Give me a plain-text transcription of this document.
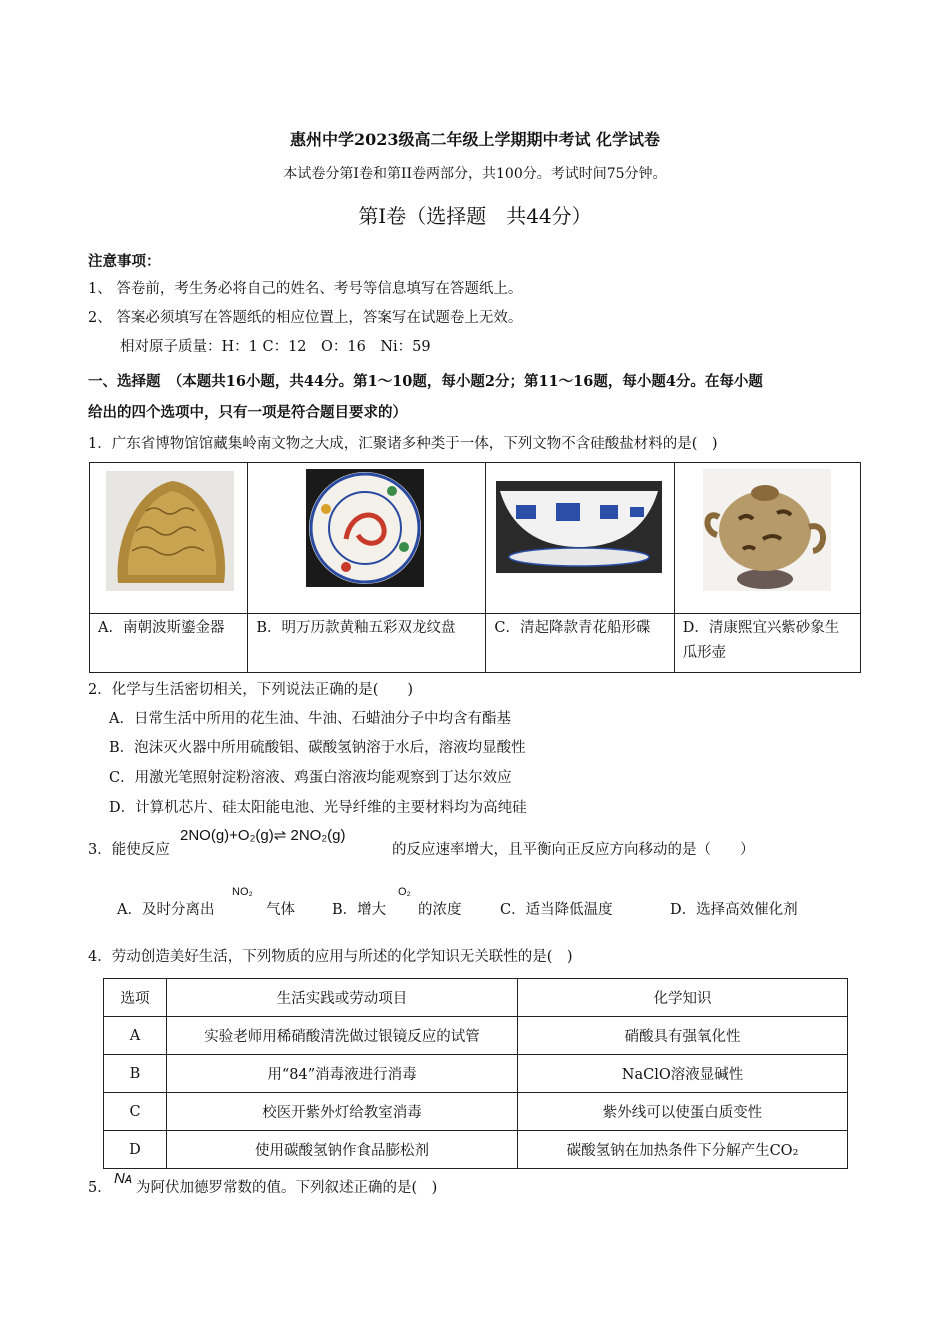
惠州中学2023级高二年级上学期期中考试 化学试卷
本试卷分第I卷和第II卷两部分，共100分。考试时间75分钟。
第I卷（选择题　共44分）
注意事项：
1、 答卷前，考生务必将自己的姓名、考号等信息填写在答题纸上。
2、 答案必须填写在答题纸的相应位置上，答案写在试题卷上无效。
相对原子质量：H：1 C：12　O：16　Ni：59
一、选择题　（本题共16小题，共44分。第1～10题，每小题2分；第11～16题，每小题4分。在每小题
给出的四个选项中，只有一项是符合题目要求的）
1．广东省博物馆馆藏集岭南文物之大成，汇聚诸多种类于一体，下列文物不含硅酸盐材料的是(　)

A．南朝波斯鎏金器	B．明万历款黄釉五彩双龙纹盘	C．清起降款青花船形碟	D．清康熙宜兴紫砂象生瓜形壶
2．化学与生活密切相关，下列说法正确的是(　　)
A．日常生活中所用的花生油、牛油、石蜡油分子中均含有酯基
B．泡沫灭火器中所用硫酸铝、碳酸氢钠溶于水后，溶液均显酸性
C．用激光笔照射淀粉溶液、鸡蛋白溶液均能观察到丁达尔效应
D．计算机芯片、硅太阳能电池、光导纤维的主要材料均为高纯硅
3．能使反应
2NO(g)+O₂(g)⇌ 2NO₂(g)
的反应速率增大，且平衡向正反应方向移动的是（　　）
A．及时分离出
NO₂
气体	B．增大
O₂
的浓度	C．适当降低温度	D．选择高效催化剂
4．劳动创造美好生活，下列物质的应用与所述的化学知识无关联性的是(　)
选项	生活实践或劳动项目	化学知识
A	实验老师用稀硝酸清洗做过银镜反应的试管	硝酸具有强氧化性
B	用“84”消毒液进行消毒	NaClO溶液显碱性
C	校医开紫外灯给教室消毒	紫外线可以使蛋白质变性
D	使用碳酸氢钠作食品膨松剂	碳酸氢钠在加热条件下分解产生CO₂
5．
Nᴀ
为阿伏加德罗常数的值。下列叙述正确的是(　)
